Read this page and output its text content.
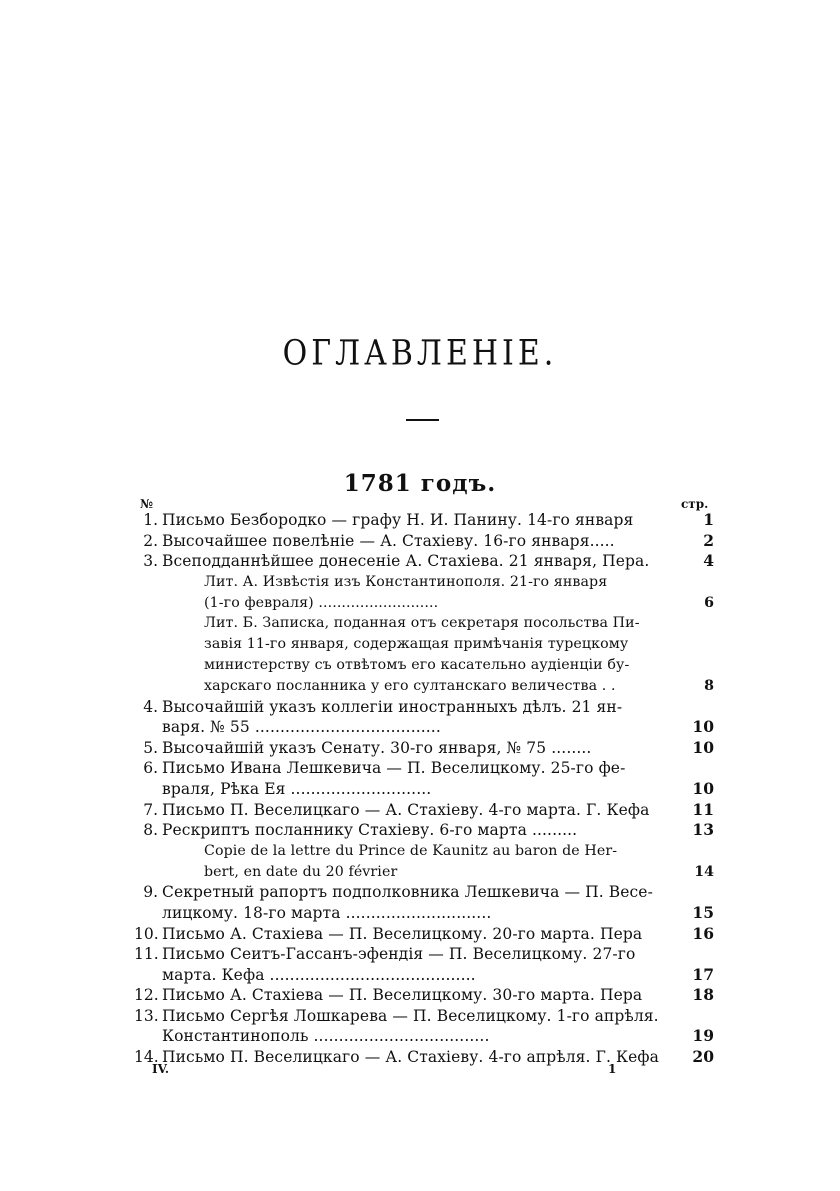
ОГЛАВЛЕНІЕ.
1781 годъ.
№	стр.
1. Письмо Безбородко — графу Н. И. Панину. 14-го января	1
2. Высочайшее повелѣніе — А. Стахіеву. 16-го января.....	2
3. Всеподданнѣйшее донесеніе А. Стахіева. 21 января, Пера.	4
Лит. А. Извѣстія изъ Константинополя. 21-го января
(1-го февраля) ..........................	6
Лит. Б. Записка, поданная отъ секретаря посольства Пи-
завія 11-го января, содержащая примѣчанія турецкому
министерству съ отвѣтомъ его касательно аудіенціи бу-
харскаго посланника у его султанскаго величества . .	8
4. Высочайшій указъ коллегіи иностранныхъ дѣлъ. 21 ян-
варя. № 55 .....................................	10
5. Высочайшій указъ Сенату. 30-го января, № 75 ........	10
6. Письмо Ивана Лешкевича — П. Веселицкому. 25-го фе-
враля, Рѣка Ея ............................	10
7. Письмо П. Веселицкаго — А. Стахіеву. 4-го марта. Г. Кефа	11
8. Рескриптъ посланнику Стахіеву. 6-го марта .........	13
Copie de la lettre du Prince de Kaunitz au baron de Her-
bert, en date du 20 février	14
9. Секретный рапортъ подполковника Лешкевича — П. Весе-
лицкому. 18-го марта .............................	15
10. Письмо А. Стахіева — П. Веселицкому. 20-го марта. Пера	16
11. Письмо Сеитъ-Гассанъ-эфендія — П. Веселицкому. 27-го
марта. Кефа .........................................	17
12. Письмо А. Стахіева — П. Веселицкому. 30-го марта. Пера	18
13. Письмо Сергѣя Лошкарева — П. Веселицкому. 1-го апрѣля.
Константинополь ...................................	19
14. Письмо П. Веселицкаго — А. Стахіеву. 4-го апрѣля. Г. Кефа	20
IV.	1
